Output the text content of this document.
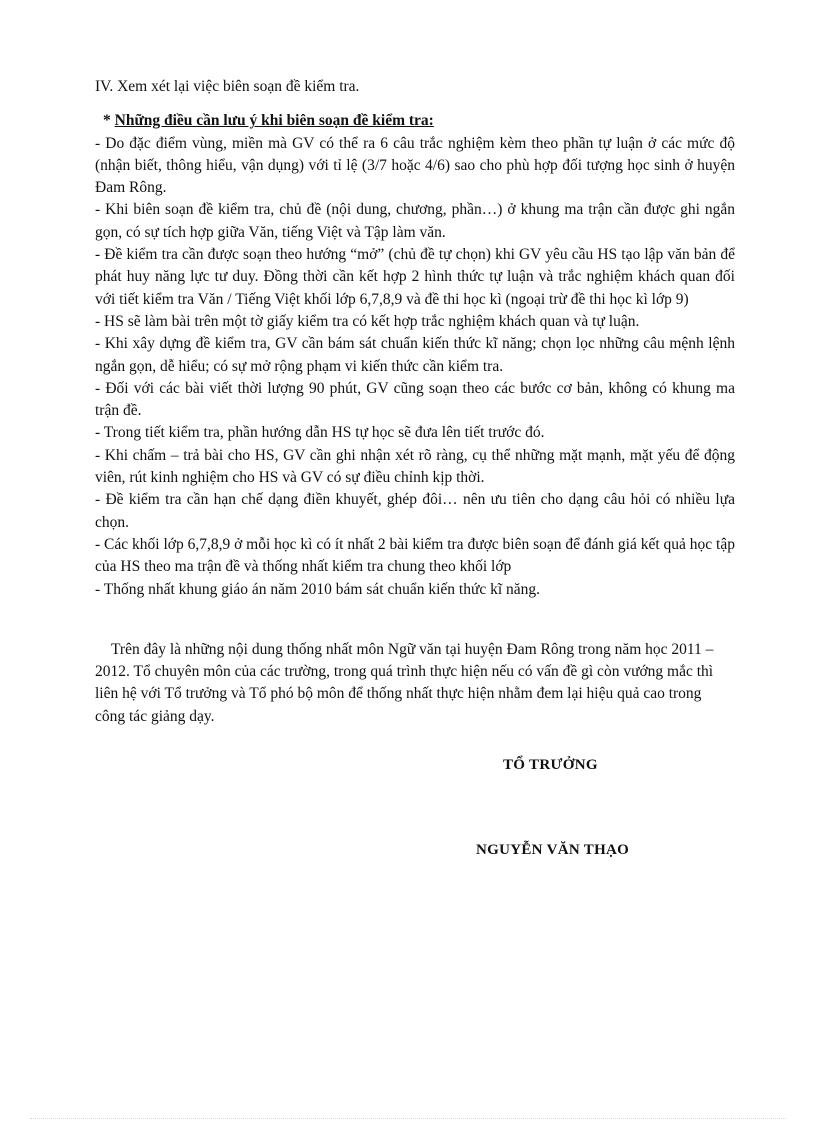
IV. Xem xét lại việc biên soạn đề kiểm tra.

* Những điều cần lưu ý khi biên soạn đề kiểm tra:

- Do đặc điểm vùng, miền mà GV có thể ra 6 câu trắc nghiệm kèm theo phần tự luận ở các mức độ (nhận biết, thông hiểu, vận dụng) với tỉ lệ (3/7 hoặc 4/6) sao cho phù hợp đối tượng học sinh ở huyện Đam Rông.

- Khi biên soạn đề kiểm tra, chủ đề (nội dung, chương, phần…) ở khung ma trận cần được ghi ngắn gọn, có sự tích hợp giữa Văn, tiếng Việt và Tập làm văn.

- Đề kiểm tra cần được soạn theo hướng “mở” (chủ đề tự chọn) khi GV yêu cầu HS tạo lập văn bản để phát huy năng lực tư duy. Đồng thời cần kết hợp 2 hình thức tự luận và trắc nghiệm khách quan đối với tiết kiểm tra Văn / Tiếng Việt khối lớp 6,7,8,9 và đề thi học kì (ngoại trừ đề thi học kì lớp 9)

- HS sẽ làm bài trên một tờ giấy kiểm tra có kết hợp trắc nghiệm khách quan và tự luận.

- Khi xây dựng đề kiểm tra, GV cần bám sát chuẩn kiến thức kĩ năng; chọn lọc những câu mệnh lệnh ngắn gọn, dễ hiểu; có sự mở rộng phạm vi kiến thức cần kiểm tra.

- Đối với các bài viết thời lượng 90 phút, GV cũng soạn theo các bước cơ bản, không có khung ma trận đề.

- Trong tiết kiểm tra, phần hướng dẫn HS tự học sẽ đưa lên tiết trước đó.

- Khi chấm – trả bài cho HS, GV cần ghi nhận xét rõ ràng, cụ thể những mặt mạnh, mặt yếu để động viên, rút kinh nghiệm cho HS và GV có sự điều chỉnh kịp thời.

- Đề kiểm tra cần hạn chế dạng điền khuyết, ghép đôi… nên ưu tiên cho dạng câu hỏi có nhiều lựa chọn.

- Các khối lớp 6,7,8,9 ở mỗi học kì có ít nhất 2 bài kiểm tra được biên soạn để đánh giá kết quả học tập của HS theo ma trận đề và thống nhất kiểm tra chung theo khối lớp

- Thống nhất khung giáo án năm 2010 bám sát chuẩn kiến thức kĩ năng.

Trên đây là những nội dung thống nhất môn Ngữ văn tại huyện Đam Rông trong năm học 2011 – 2012. Tổ chuyên môn của các trường, trong quá trình thực hiện nếu có vấn đề gì còn vướng mắc thì liên hệ với Tổ trưởng và Tổ phó bộ môn để thống nhất thực hiện nhằm đem lại hiệu quả cao trong công tác giảng dạy.

TỔ TRƯỞNG
NGUYỄN VĂN THẠO
